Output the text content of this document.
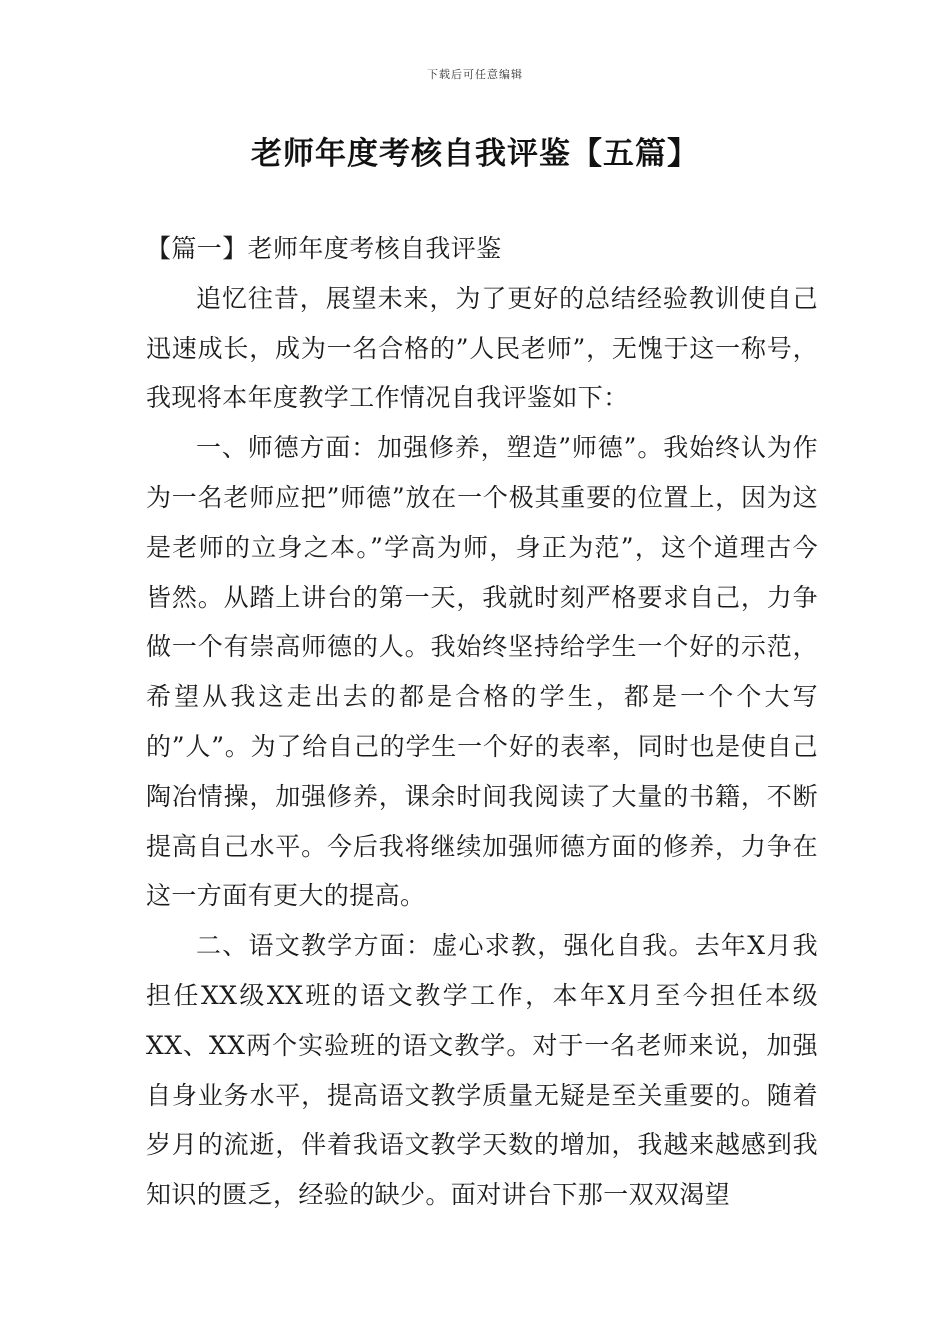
下载后可任意编辑
老师年度考核自我评鉴【五篇】

【篇一】老师年度考核自我评鉴

追忆往昔，展望未来，为了更好的总结经验教训使自己迅速成长，成为一名合格的”人民老师”，无愧于这一称号，我现将本年度教学工作情况自我评鉴如下：

一、师德方面：加强修养，塑造”师德”。我始终认为作为一名老师应把”师德”放在一个极其重要的位置上，因为这是老师的立身之本。”学高为师，身正为范”，这个道理古今皆然。从踏上讲台的第一天，我就时刻严格要求自己，力争做一个有崇高师德的人。我始终坚持给学生一个好的示范，希望从我这走出去的都是合格的学生，都是一个个大写的”人”。为了给自己的学生一个好的表率，同时也是使自己陶冶情操，加强修养，课余时间我阅读了大量的书籍，不断提高自己水平。今后我将继续加强师德方面的修养，力争在这一方面有更大的提高。

二、语文教学方面：虚心求教，强化自我。去年X月我担任XX级XX班的语文教学工作，本年X月至今担任本级XX、XX两个实验班的语文教学。对于一名老师来说，加强自身业务水平，提高语文教学质量无疑是至关重要的。随着岁月的流逝，伴着我语文教学天数的增加，我越来越感到我知识的匮乏，经验的缺少。面对讲台下那一双双渴望
